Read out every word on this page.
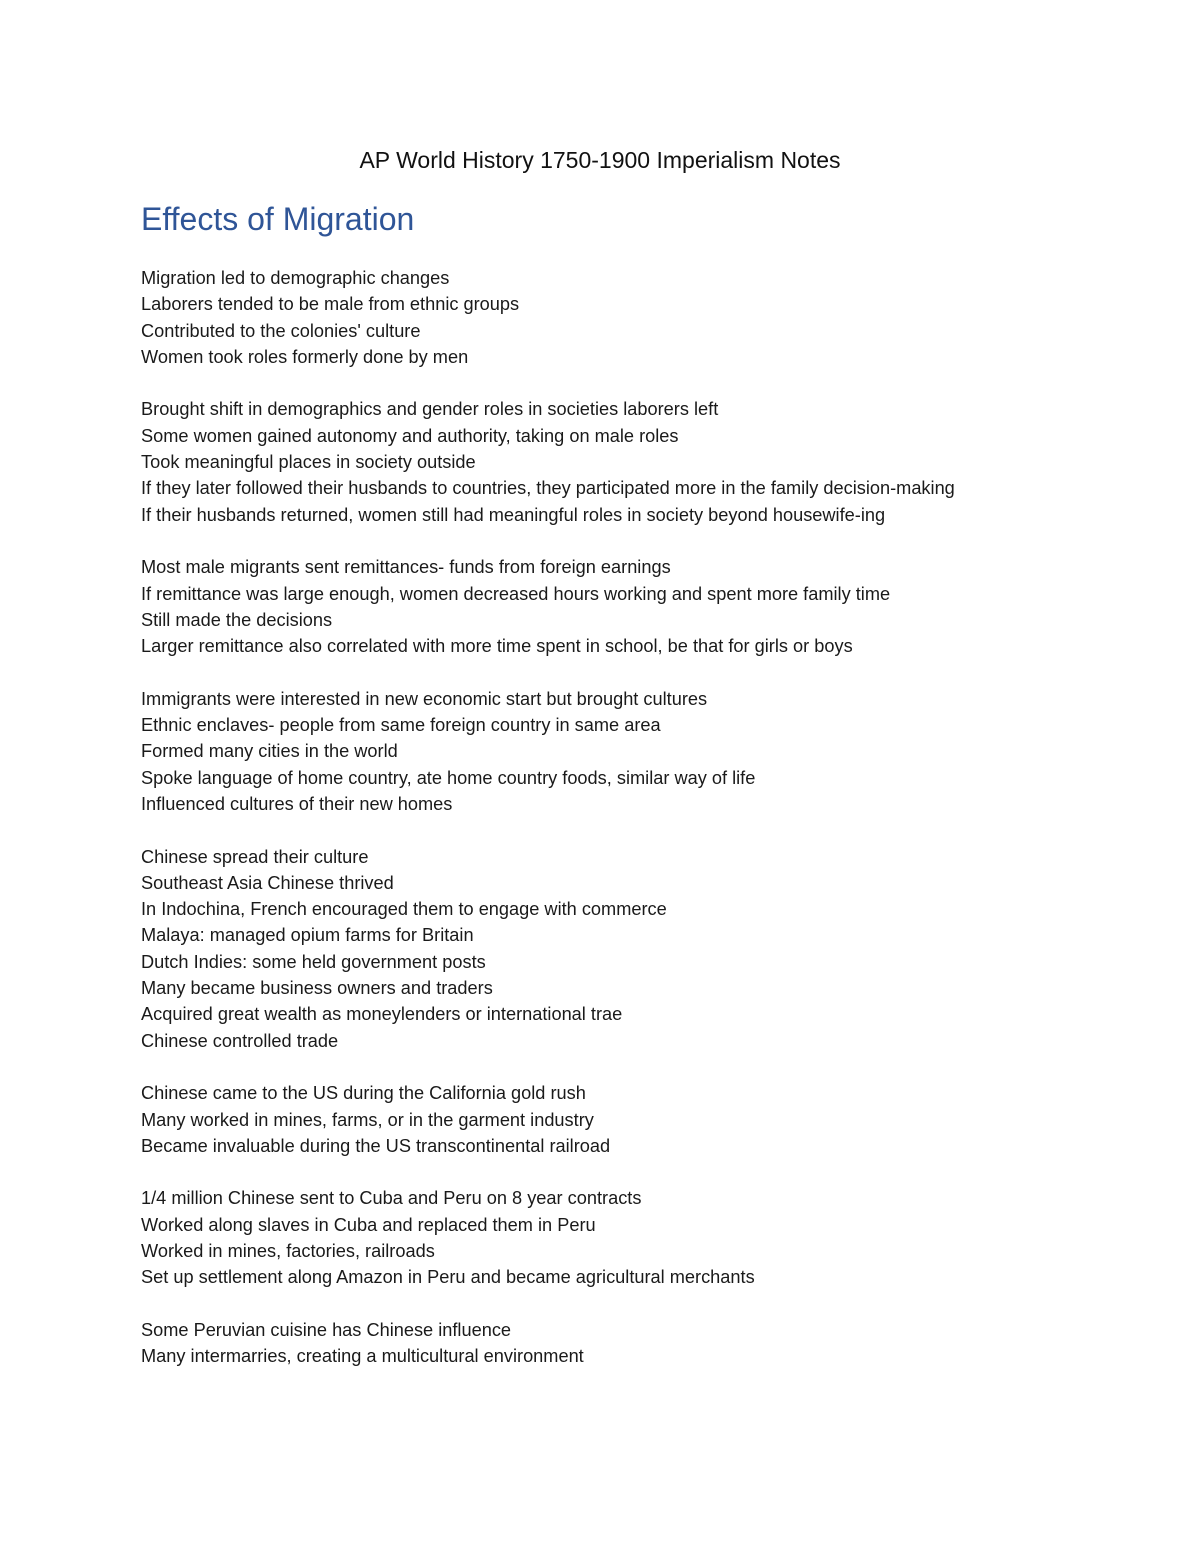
AP World History 1750-1900 Imperialism Notes
Effects of Migration
Migration led to demographic changes
Laborers tended to be male from ethnic groups
Contributed to the colonies' culture
Women took roles formerly done by men
Brought shift in demographics and gender roles in societies laborers left
Some women gained autonomy and authority, taking on male roles
Took meaningful places in society outside
If they later followed their husbands to countries, they participated more in the family decision-making
If their husbands returned, women still had meaningful roles in society beyond housewife-ing
Most male migrants sent remittances- funds from foreign earnings
If remittance was large enough, women decreased hours working and spent more family time
Still made the decisions
Larger remittance also correlated with more time spent in school, be that for girls or boys
Immigrants were interested in new economic start but brought cultures
Ethnic enclaves- people from same foreign country in same area
Formed many cities in the world
Spoke language of home country, ate home country foods, similar way of life
Influenced cultures of their new homes
Chinese spread their culture
Southeast Asia Chinese thrived
In Indochina, French encouraged them to engage with commerce
Malaya: managed opium farms for Britain
Dutch Indies: some held government posts
Many became business owners and traders
Acquired great wealth as moneylenders or international trae
Chinese controlled trade
Chinese came to the US during the California gold rush
Many worked in mines, farms, or in the garment industry
Became invaluable during the US transcontinental railroad
1/4 million Chinese sent to Cuba and Peru on 8 year contracts
Worked along slaves in Cuba and replaced them in Peru
Worked in mines, factories, railroads
Set up settlement along Amazon in Peru and became agricultural merchants
Some Peruvian cuisine has Chinese influence
Many intermarries, creating a multicultural environment
